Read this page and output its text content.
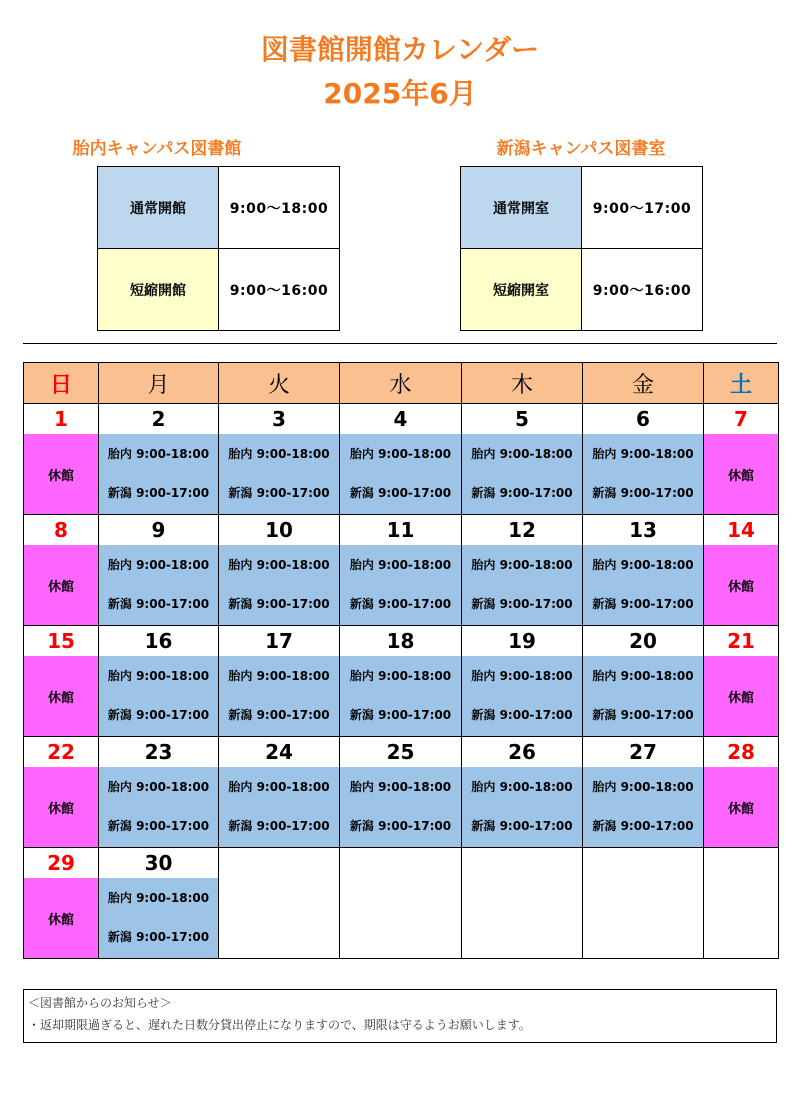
図書館開館カレンダー
2025年6月
胎内キャンパス図書館
通常開館	9:00～18:00
短縮開館	9:00～16:00
新潟キャンパス図書室
通常開室	9:00～17:00
短縮開室	9:00～16:00
日	月	火	水	木	金	土
1	2	3	4	5	6	7
休館	胎内 9:00-18:00
新潟 9:00-17:00	胎内 9:00-18:00
新潟 9:00-17:00	胎内 9:00-18:00
新潟 9:00-17:00	胎内 9:00-18:00
新潟 9:00-17:00	胎内 9:00-18:00
新潟 9:00-17:00	休館
8	9	10	11	12	13	14
休館	胎内 9:00-18:00
新潟 9:00-17:00	胎内 9:00-18:00
新潟 9:00-17:00	胎内 9:00-18:00
新潟 9:00-17:00	胎内 9:00-18:00
新潟 9:00-17:00	胎内 9:00-18:00
新潟 9:00-17:00	休館
15	16	17	18	19	20	21
休館	胎内 9:00-18:00
新潟 9:00-17:00	胎内 9:00-18:00
新潟 9:00-17:00	胎内 9:00-18:00
新潟 9:00-17:00	胎内 9:00-18:00
新潟 9:00-17:00	胎内 9:00-18:00
新潟 9:00-17:00	休館
22	23	24	25	26	27	28
休館	胎内 9:00-18:00
新潟 9:00-17:00	胎内 9:00-18:00
新潟 9:00-17:00	胎内 9:00-18:00
新潟 9:00-17:00	胎内 9:00-18:00
新潟 9:00-17:00	胎内 9:00-18:00
新潟 9:00-17:00	休館
29	30					
休館	胎内 9:00-18:00
新潟 9:00-17:00					

＜図書館からのお知らせ＞
・返却期限過ぎると、遅れた日数分貸出停止になりますので、期限は守るようお願いします。
